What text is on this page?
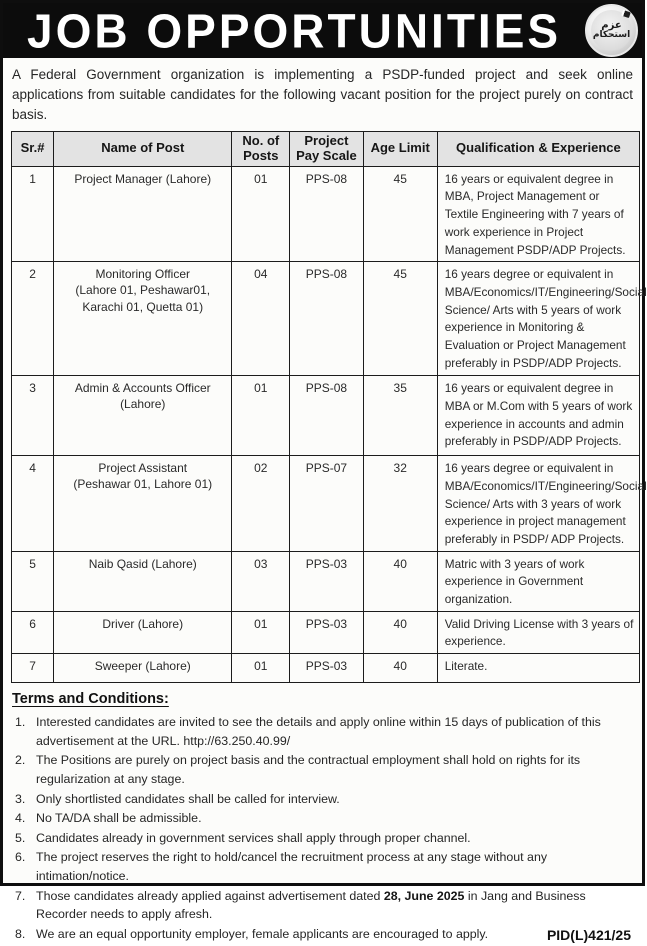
JOB OPPORTUNITIES	عزم
استحکام

A Federal Government organization is implementing a PSDP-funded project and seek online applications from suitable candidates for the following vacant position for the project purely on contract basis.

Sr.#	Name of Post	No. of Posts	Project Pay Scale	Age Limit	Qualification & Experience
1	Project Manager (Lahore)	01	PPS-08	45	16 years or equivalent degree in MBA, Project Management or Textile Engineering with 7 years of work experience in Project Management PSDP/ADP Projects.
2	Monitoring Officer
(Lahore 01, Peshawar01, Karachi 01, Quetta 01)	04	PPS-08	45	16 years degree or equivalent in MBA/Economics/IT/Engineering/Social Science/ Arts with 5 years of work experience in Monitoring & Evaluation or Project Management preferably in PSDP/ADP Projects.
3	Admin & Accounts Officer
(Lahore)	01	PPS-08	35	16 years or equivalent degree in MBA or M.Com with 5 years of work experience in accounts and admin preferably in PSDP/ADP Projects.
4	Project Assistant
(Peshawar 01, Lahore 01)	02	PPS-07	32	16 years degree or equivalent in MBA/Economics/IT/Engineering/Social Science/ Arts with 3 years of work experience in project management preferably in PSDP/ ADP Projects.
5	Naib Qasid (Lahore)	03	PPS-03	40	Matric with 3 years of work experience in Government organization.
6	Driver (Lahore)	01	PPS-03	40	Valid Driving License with 3 years of experience.
7	Sweeper (Lahore)	01	PPS-03	40	Literate.
Terms and Conditions:
Interested candidates are invited to see the details and apply online within 15 days of publication of this advertisement at the URL. http://63.250.40.99/
The Positions are purely on project basis and the contractual employment shall hold on rights for its regularization at any stage.
Only shortlisted candidates shall be called for interview.
No TA/DA shall be admissible.
Candidates already in government services shall apply through proper channel.
The project reserves the right to hold/cancel the recruitment process at any stage without any intimation/notice.
Those candidates already applied against advertisement dated 28, June 2025 in Jang and Business Recorder needs to apply afresh.
PID(L)421/25
We are an equal opportunity employer, female applicants are encouraged to apply.
